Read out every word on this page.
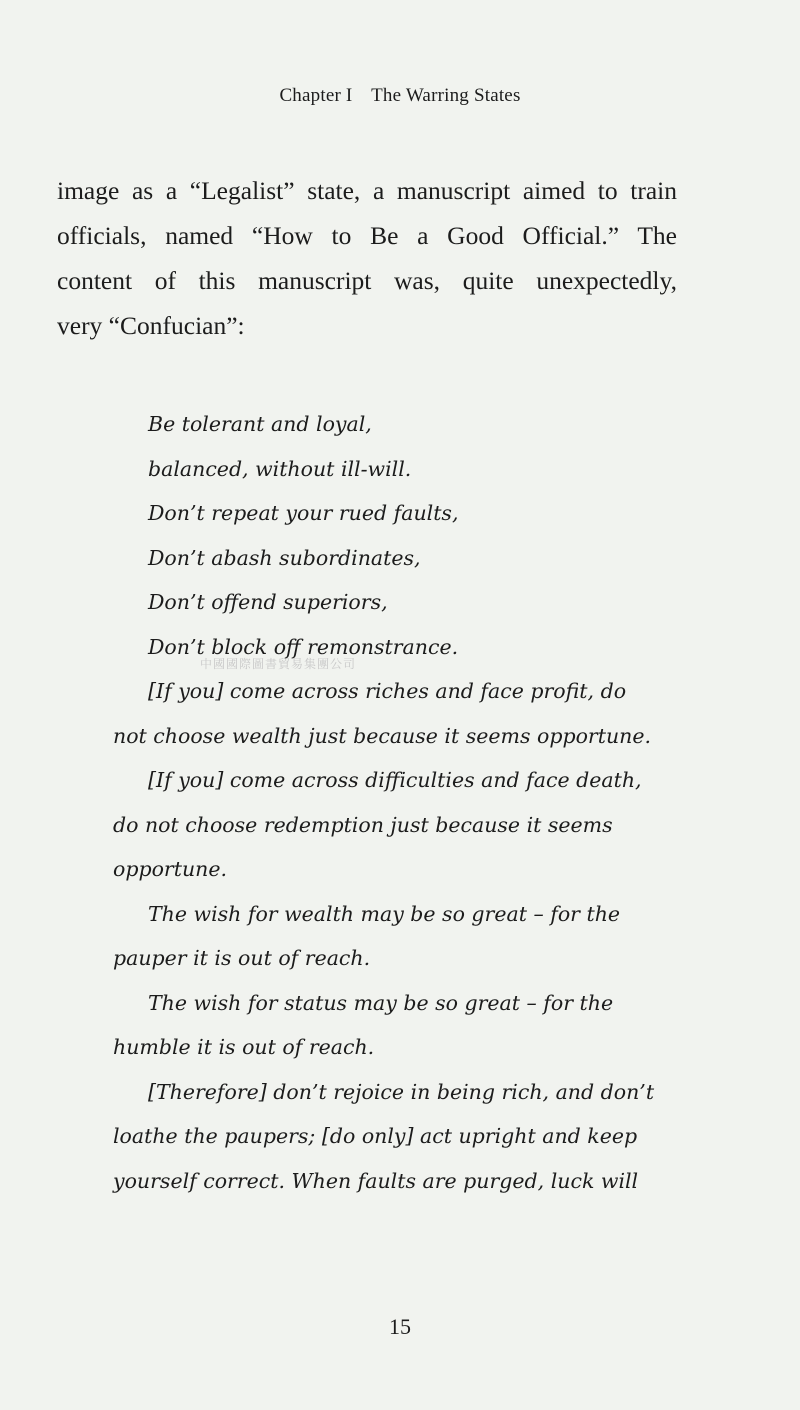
Chapter I The Warring States
image as a “Legalist” state, a manuscript aimed to train
officials, named “How to Be a Good Official.” The
content of this manuscript was, quite unexpectedly,
very “Confucian”:
Be tolerant and loyal,
balanced, without ill-will.
Don’t repeat your rued faults,
Don’t abash subordinates,
Don’t offend superiors,
Don’t block off remonstrance.
[If you] come across riches and face profit, do
not choose wealth just because it seems opportune.
[If you] come across difficulties and face death,
do not choose redemption just because it seems
opportune.
The wish for wealth may be so great – for the
pauper it is out of reach.
The wish for status may be so great – for the
humble it is out of reach.
[Therefore] don’t rejoice in being rich, and don’t
loathe the paupers; [do only] act upright and keep
yourself correct. When faults are purged, luck will
中國國際圖書貿易集團公司
15
